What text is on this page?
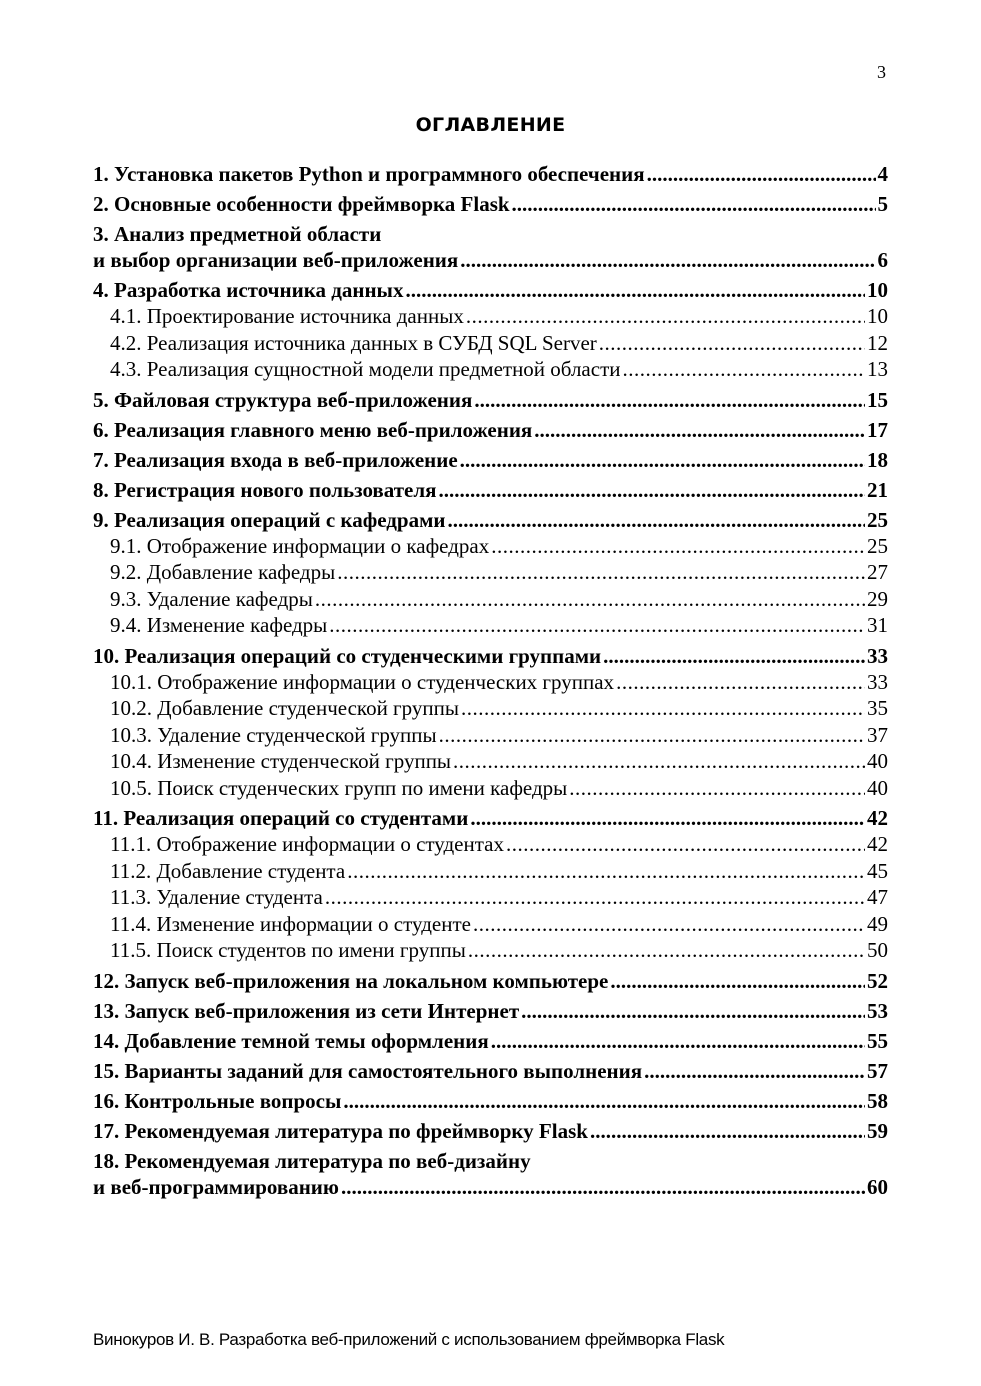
3
ОГЛАВЛЕНИЕ
1. Установка пакетов Python и программного обеспечения .....	4
2. Основные особенности фреймворка Flask .....	5
3. Анализ предметной области
и выбор организации веб-приложения .....	6
4. Разработка источника данных .....	10
4.1. Проектирование источника данных .....	10
4.2. Реализация источника данных в СУБД SQL Server .....	12
4.3. Реализация сущностной модели предметной области .....	13
5. Файловая структура веб-приложения .....	15
6. Реализация главного меню веб-приложения .....	17
7. Реализация входа в веб-приложение .....	18
8. Регистрация нового пользователя .....	21
9. Реализация операций с кафедрами .....	25
9.1. Отображение информации о кафедрах .....	25
9.2. Добавление кафедры .....	27
9.3. Удаление кафедры .....	29
9.4. Изменение кафедры .....	31
10. Реализация операций со студенческими группами .....	33
10.1. Отображение информации о студенческих группах .....	33
10.2. Добавление студенческой группы .....	35
10.3. Удаление студенческой группы .....	37
10.4. Изменение студенческой группы .....	40
10.5. Поиск студенческих групп по имени кафедры .....	40
11. Реализация операций со студентами .....	42
11.1. Отображение информации о студентах .....	42
11.2. Добавление студента .....	45
11.3. Удаление студента .....	47
11.4. Изменение информации о студенте .....	49
11.5. Поиск студентов по имени группы .....	50
12. Запуск веб-приложения на локальном компьютере .....	52
13. Запуск веб-приложения из сети Интернет .....	53
14. Добавление темной темы оформления .....	55
15. Варианты заданий для самостоятельного выполнения .....	57
16. Контрольные вопросы .....	58
17. Рекомендуемая литература по фреймворку Flask .....	59
18. Рекомендуемая литература по веб-дизайну
и веб-программированию .....	60
Винокуров И. В. Разработка веб-приложений с использованием фреймворка Flask
